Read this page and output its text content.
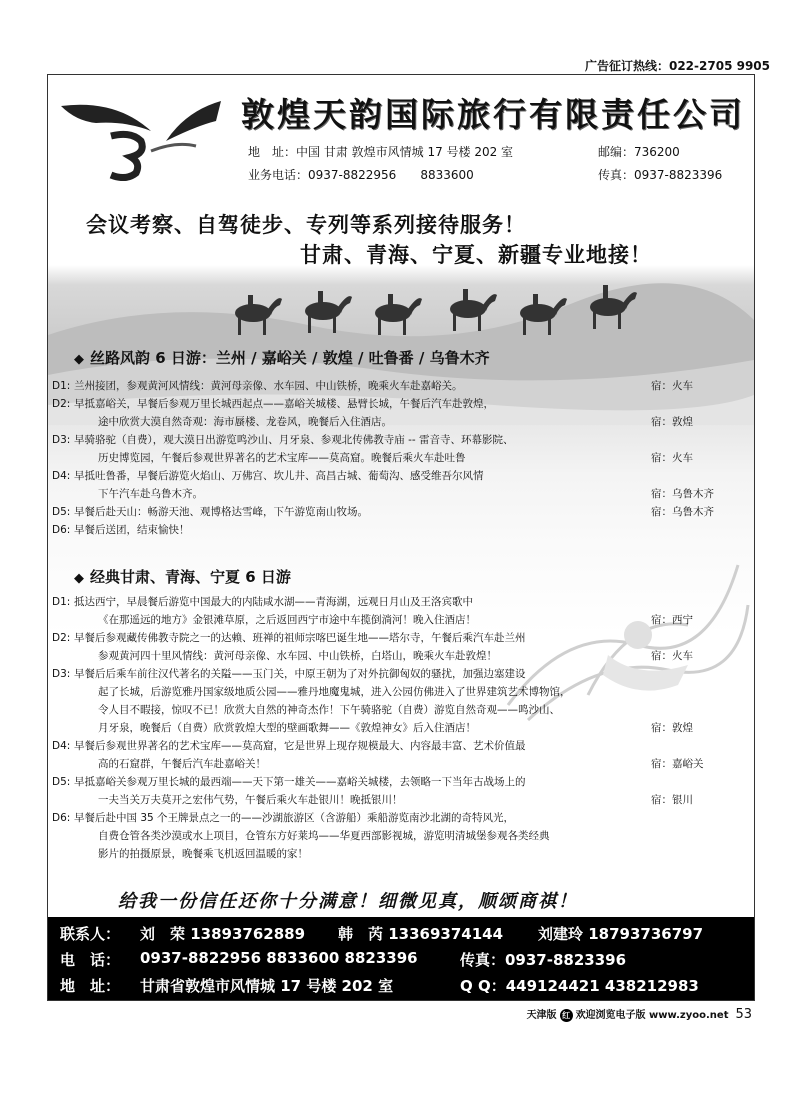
广告征订热线：022-2705 9905
敦煌天韵国际旅行有限责任公司
地　址：中国 甘肃 敦煌市风情城 17 号楼 202 室	邮编：736200
业务电话：0937-8822956　　8833600	传真：0937-8823396
会议考察、自驾徒步、专列等系列接待服务！
甘肃、青海、宁夏、新疆专业地接！
◆ 丝路风韵 6 日游：兰州 / 嘉峪关 / 敦煌 / 吐鲁番 / 乌鲁木齐
D1: 兰州接团，参观黄河风情线：黄河母亲像、水车园、中山铁桥，晚乘火车赴嘉峪关。	宿：火车
D2: 早抵嘉峪关，早餐后参观万里长城西起点——嘉峪关城楼、悬臂长城，午餐后汽车赴敦煌，
途中欣赏大漠自然奇观：海市蜃楼、龙卷风，晚餐后入住酒店。	宿：敦煌
D3: 早骑骆驼（自费），观大漠日出游览鸣沙山、月牙泉、参观北传佛教寺庙 -- 雷音寺、环幕影院、
历史博览园，午餐后参观世界著名的艺术宝库——莫高窟。晚餐后乘火车赴吐鲁	宿：火车
D4: 早抵吐鲁番，早餐后游览火焰山、万佛宫、坎儿井、高昌古城、葡萄沟、感受维吾尔风情
下午汽车赴乌鲁木齐。	宿：乌鲁木齐
D5: 早餐后赴天山：畅游天池、观博格达雪峰，下午游览南山牧场。	宿：乌鲁木齐
D6: 早餐后送团，结束愉快！
◆ 经典甘肃、青海、宁夏 6 日游
D1: 抵达西宁，早晨餐后游览中国最大的内陆咸水湖——青海湖，远观日月山及王洛宾歌中
《在那遥远的地方》金银滩草原，之后返回西宁市途中车揽倒淌河！晚入住酒店！	宿：西宁
D2: 早餐后参观藏传佛教寺院之一的达赖、班禅的祖师宗喀巴诞生地——塔尔寺，午餐后乘汽车赴兰州
参观黄河四十里风情线：黄河母亲像、水车园、中山铁桥，白塔山，晚乘火车赴敦煌！	宿：火车
D3: 早餐后后乘车前往汉代著名的关隘——玉门关，中原王朝为了对外抗御匈奴的骚扰，加强边塞建设
起了长城，后游览雅丹国家级地质公园——雅丹地魔鬼城，进入公园仿佛进入了世界建筑艺术博物馆，
令人目不暇接，惊叹不已！欣赏大自然的神奇杰作！下午骑骆驼（自费）游览自然奇观——鸣沙山、
月牙泉，晚餐后（自费）欣赏敦煌大型的壁画歌舞——《敦煌神女》后入住酒店！	宿：敦煌
D4: 早餐后参观世界著名的艺术宝库——莫高窟，它是世界上现存规模最大、内容最丰富、艺术价值最
高的石窟群，午餐后汽车赴嘉峪关！	宿：嘉峪关
D5: 早抵嘉峪关参观万里长城的最西端——天下第一雄关——嘉峪关城楼，去领略一下当年古战场上的
一夫当关万夫莫开之宏伟气势，午餐后乘火车赴银川！晚抵银川！	宿：银川
D6: 早餐后赴中国 35 个王牌景点之一的——沙湖旅游区（含游船）乘船游览南沙北湖的奇特风光，
自费仓管各类沙漠或水上项目，仓管东方好莱坞——华夏西部影视城，游览明清城堡参观各类经典
影片的拍摄原景，晚餐乘飞机返回温暖的家！
给我一份信任还你十分满意！细微见真，顺颂商祺！
联系人： 刘　荣 13893762889 韩　芮 13369374144 刘建玲 18793736797
电　话： 0937-8822956 8833600 8823396	传真：0937-8823396
地　址： 甘肃省敦煌市风情城 17 号楼 202 室	Q Q：449124421 438212983
天津版 红 欢迎浏览电子版 www.zyoo.net 53
